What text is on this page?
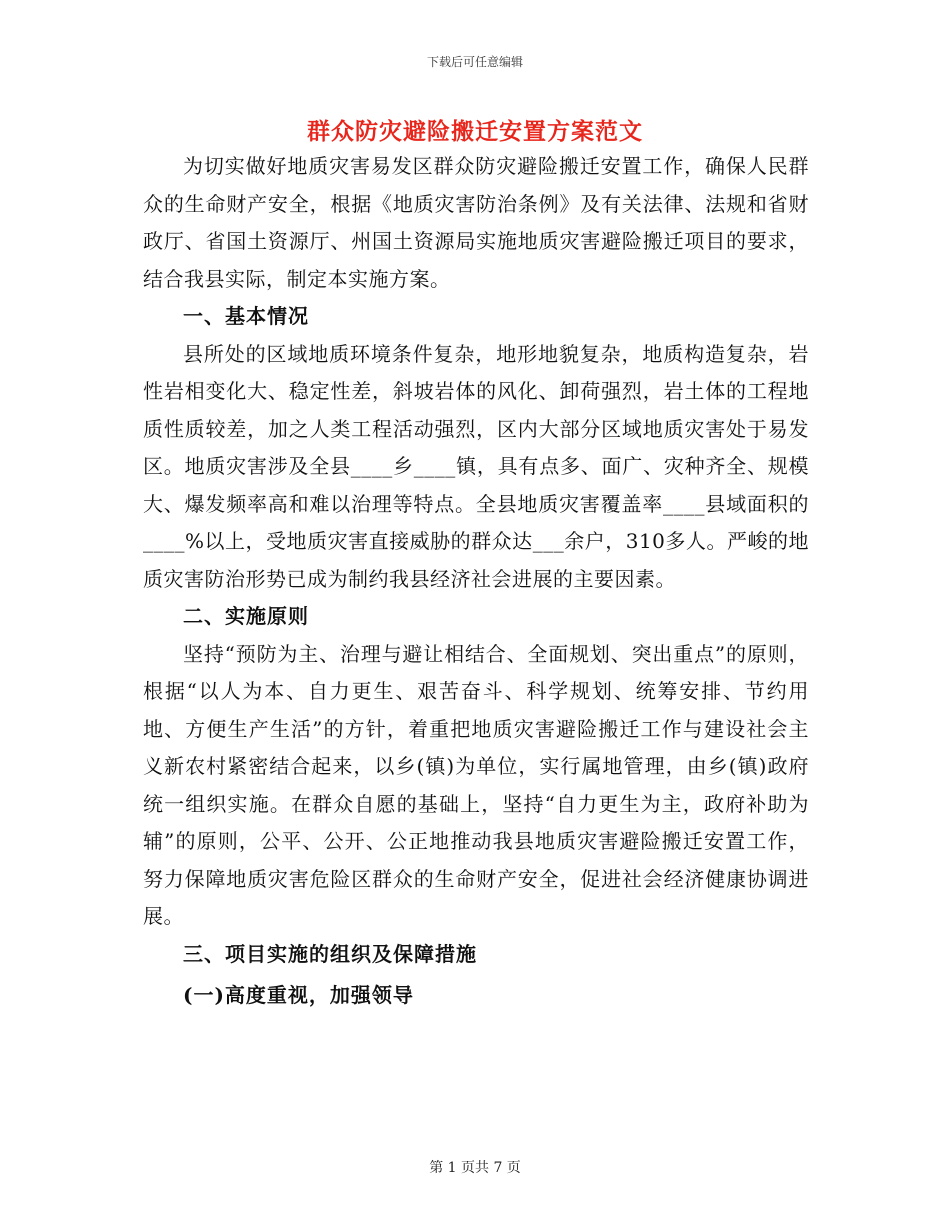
下载后可任意编辑
群众防灾避险搬迁安置方案范文

为切实做好地质灾害易发区群众防灾避险搬迁安置工作，确保人民群众的生命财产安全，根据《地质灾害防治条例》及有关法律、法规和省财政厅、省国土资源厅、州国土资源局实施地质灾害避险搬迁项目的要求，结合我县实际，制定本实施方案。

一、基本情况

县所处的区域地质环境条件复杂，地形地貌复杂，地质构造复杂，岩性岩相变化大、稳定性差，斜坡岩体的风化、卸荷强烈，岩土体的工程地质性质较差，加之人类工程活动强烈，区内大部分区域地质灾害处于易发区。地质灾害涉及全县____乡____镇，具有点多、面广、灾种齐全、规模大、爆发频率高和难以治理等特点。全县地质灾害覆盖率____县域面积的____%以上，受地质灾害直接威胁的群众达___余户，310多人。严峻的地质灾害防治形势已成为制约我县经济社会进展的主要因素。

二、实施原则

坚持“预防为主、治理与避让相结合、全面规划、突出重点”的原则，根据“以人为本、自力更生、艰苦奋斗、科学规划、统筹安排、节约用地、方便生产生活”的方针，着重把地质灾害避险搬迁工作与建设社会主义新农村紧密结合起来，以乡(镇)为单位，实行属地管理，由乡(镇)政府统一组织实施。在群众自愿的基础上，坚持“自力更生为主，政府补助为辅”的原则，公平、公开、公正地推动我县地质灾害避险搬迁安置工作，努力保障地质灾害危险区群众的生命财产安全，促进社会经济健康协调进展。

三、项目实施的组织及保障措施

(一)高度重视，加强领导

第 1 页共 7 页
